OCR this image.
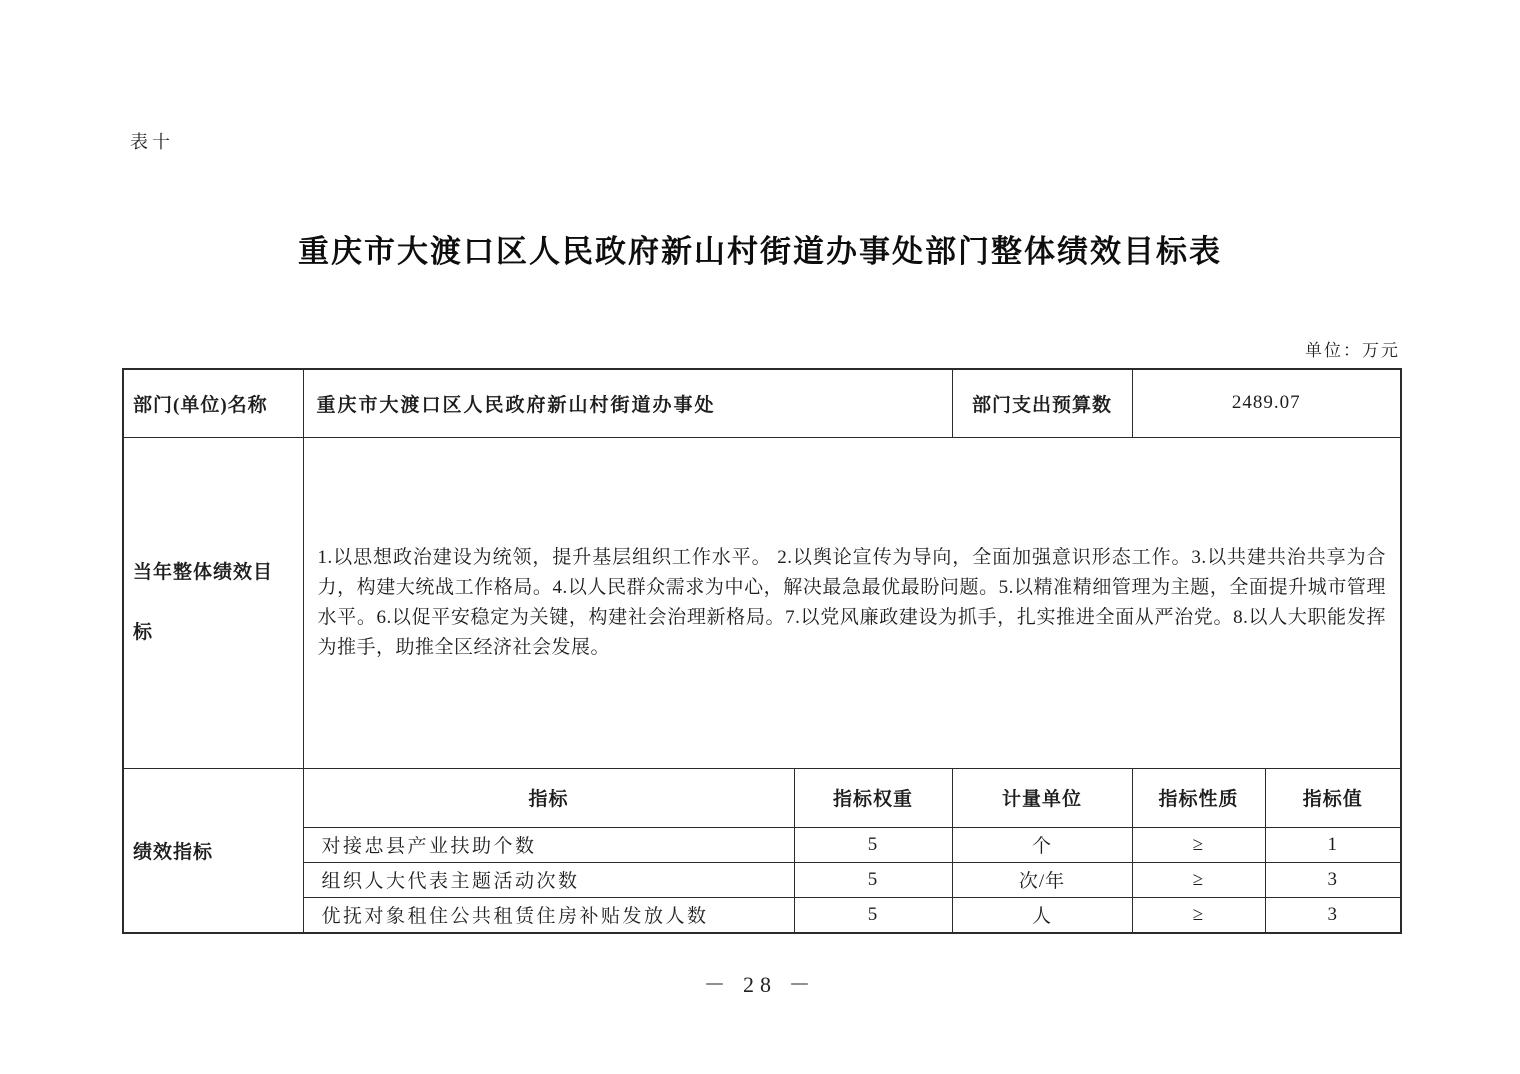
表十
重庆市大渡口区人民政府新山村街道办事处部门整体绩效目标表
单位：万元
部门(单位)名称	重庆市大渡口区人民政府新山村街道办事处		部门支出预算数	2489.07	
当年整体绩效目标	1.以思想政治建设为统领，提升基层组织工作水平。 2.以舆论宣传为导向，全面加强意识形态工作。3.以共建共治共享为合力，构建大统战工作格局。4.以人民群众需求为中心，解决最急最优最盼问题。5.以精准精细管理为主题，全面提升城市管理水平。6.以促平安稳定为关键，构建社会治理新格局。7.以党风廉政建设为抓手，扎实推进全面从严治党。8.以人大职能发挥为推手，助推全区经济社会发展。				
绩效指标	指标	指标权重	计量单位	指标性质	指标值
	对接忠县产业扶助个数	5	个	≥	1
	组织人大代表主题活动次数	5	次/年	≥	3
	优抚对象租住公共租赁住房补贴发放人数	5	人	≥	3
－ 28 －
